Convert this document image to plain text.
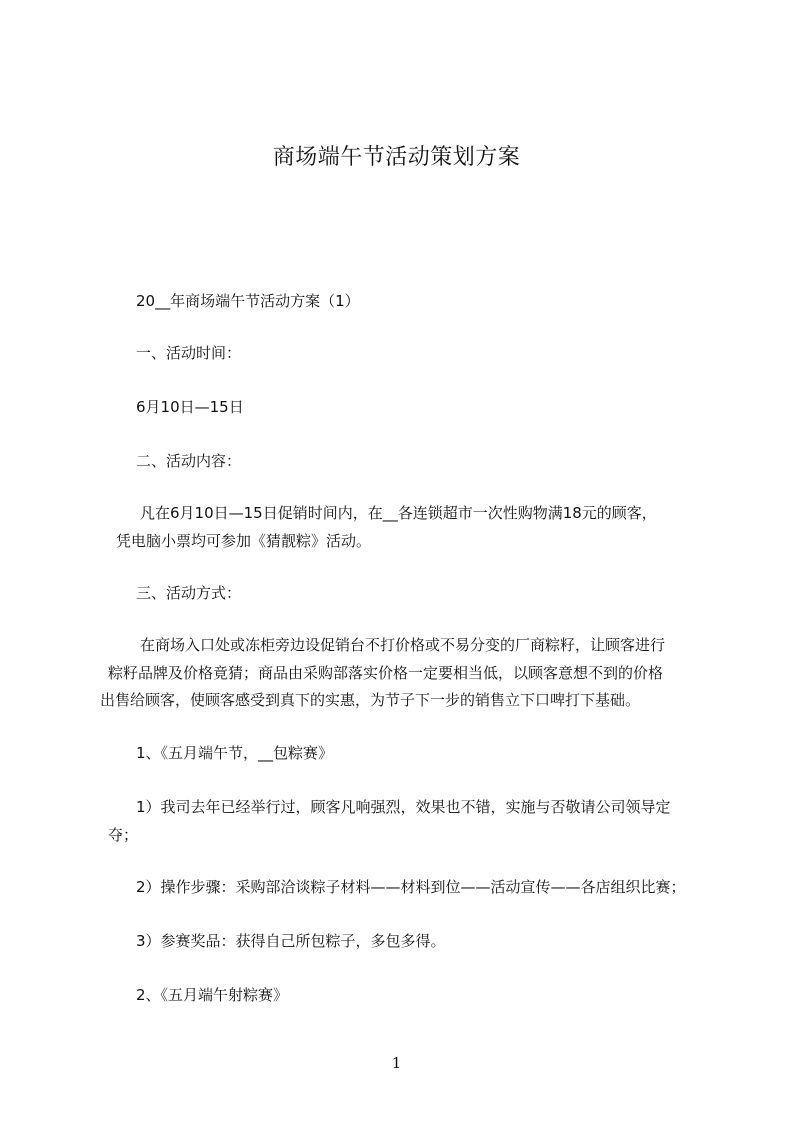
商场端午节活动策划方案
20__年商场端午节活动方案（1）
一、活动时间：
6月10日—15日
二、活动内容：
凡在6月10日—15日促销时间内，在__各连锁超市一次性购物满18元的顾客，
凭电脑小票均可参加《猜靓粽》活动。
三、活动方式：
在商场入口处或冻柜旁边设促销台不打价格或不易分变的厂商粽籽，让顾客进行
粽籽品牌及价格竟猜；商品由采购部落实价格一定要相当低，以顾客意想不到的价格
出售给顾客，使顾客感受到真下的实惠，为节子下一步的销售立下口啤打下基础。
1、《五月端午节，__包粽赛》
1）我司去年已经举行过，顾客凡响强烈，效果也不错，实施与否敬请公司领导定
夺；
2）操作步骤：采购部洽谈粽子材料——材料到位——活动宣传——各店组织比赛；
3）参赛奖品：获得自己所包粽子，多包多得。
2、《五月端午射粽赛》
1
